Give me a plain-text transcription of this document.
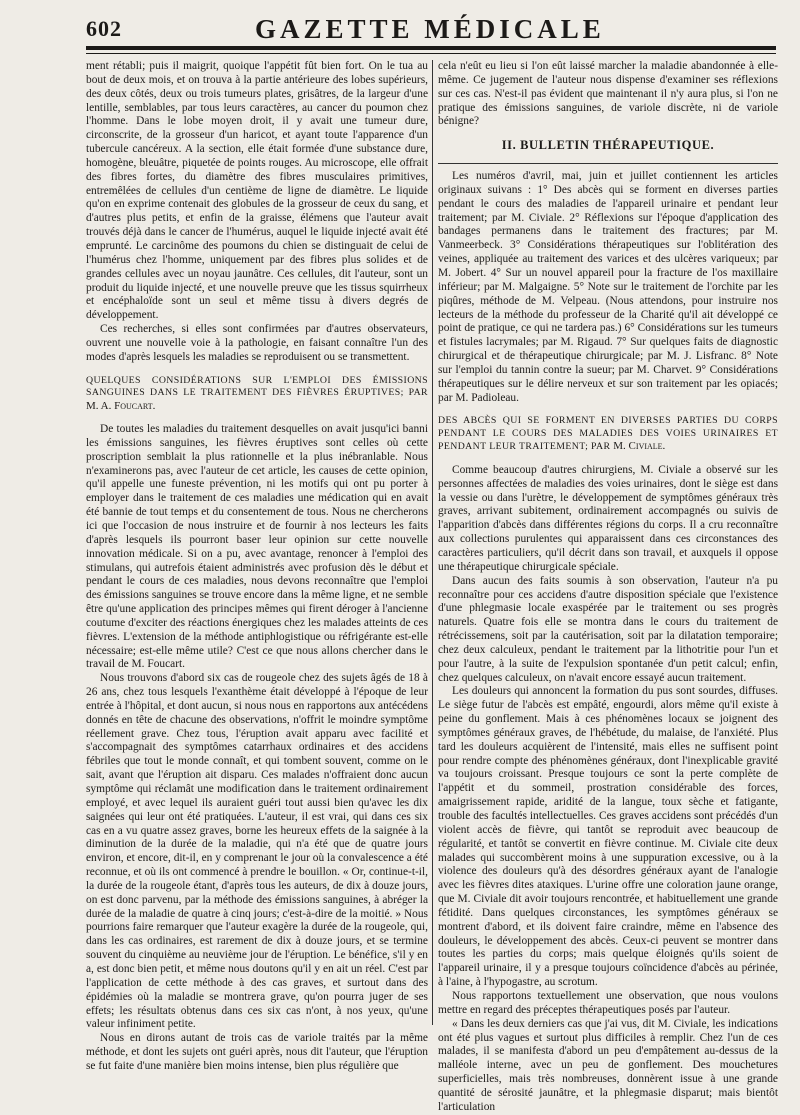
602	GAZETTE MÉDICALE

ment rétabli; puis il maigrit, quoique l'appétit fût bien fort. On le tua au bout de deux mois, et on trouva à la partie antérieure des lobes supérieurs, des deux côtés, deux ou trois tumeurs plates, grisâtres, de la largeur d'une lentille, semblables, par tous leurs caractères, au cancer du poumon chez l'homme. Dans le lobe moyen droit, il y avait une tumeur dure, circonscrite, de la grosseur d'un haricot, et ayant toute l'apparence d'un tubercule cancéreux. A la section, elle était formée d'une substance dure, homogène, bleuâtre, piquetée de points rouges. Au microscope, elle offrait des fibres fortes, du diamètre des fibres musculaires primitives, entremêlées de cellules d'un centième de ligne de diamètre. Le liquide qu'on en exprime contenait des globules de la grosseur de ceux du sang, et d'autres plus petits, et enfin de la graisse, élémens que l'auteur avait trouvés déjà dans le cancer de l'humérus, auquel le liquide injecté avait été emprunté. Le carcinôme des poumons du chien se distinguait de celui de l'humérus chez l'homme, uniquement par des fibres plus solides et de grandes cellules avec un noyau jaunâtre. Ces cellules, dit l'auteur, sont un produit du liquide injecté, et une nouvelle preuve que les tissus squirrheux et encéphaloïde sont un seul et même tissu à divers degrés de développement.

Ces recherches, si elles sont confirmées par d'autres observateurs, ouvrent une nouvelle voie à la pathologie, en faisant connaître l'un des modes d'après lesquels les maladies se reproduisent ou se transmettent.

QUELQUES CONSIDÉRATIONS SUR L'EMPLOI DES ÉMISSIONS SANGUINES DANS LE TRAITEMENT DES FIÈVRES ÉRUPTIVES; PAR M. A. Foucart.

De toutes les maladies du traitement desquelles on avait jusqu'ici banni les émissions sanguines, les fièvres éruptives sont celles où cette proscription semblait la plus rationnelle et la plus inébranlable. Nous n'examinerons pas, avec l'auteur de cet article, les causes de cette opinion, qu'il appelle une funeste prévention, ni les motifs qui ont pu porter à employer dans le traitement de ces maladies une médication qui en avait été bannie de tout temps et du consentement de tous. Nous ne chercherons ici que l'occasion de nous instruire et de fournir à nos lecteurs les faits d'après lesquels ils pourront baser leur opinion sur cette nouvelle innovation médicale. Si on a pu, avec avantage, renoncer à l'emploi des stimulans, qui autrefois étaient administrés avec profusion dès le début et pendant le cours de ces maladies, nous devons reconnaître que l'emploi des émissions sanguines se trouve encore dans la même ligne, et ne semble être qu'une application des principes mêmes qui firent déroger à l'ancienne coutume d'exciter des réactions énergiques chez les malades atteints de ces fièvres. L'extension de la méthode antiphlogistique ou réfrigérante est-elle nécessaire; est-elle même utile? C'est ce que nous allons chercher dans le travail de M. Foucart.

Nous trouvons d'abord six cas de rougeole chez des sujets âgés de 18 à 26 ans, chez tous lesquels l'exanthème était développé à l'époque de leur entrée à l'hôpital, et dont aucun, si nous nous en rapportons aux antécédens donnés en tête de chacune des observations, n'offrit le moindre symptôme réellement grave. Chez tous, l'éruption avait apparu avec facilité et s'accompagnait des symptômes catarrhaux ordinaires et des accidens fébriles que tout le monde connaît, et qui tombent souvent, comme on le sait, avant que l'éruption ait disparu. Ces malades n'offraient donc aucun symptôme qui réclamât une modification dans le traitement ordinairement employé, et avec lequel ils auraient guéri tout aussi bien qu'avec les dix saignées qui leur ont été pratiquées. L'auteur, il est vrai, qui dans ces six cas en a vu quatre assez graves, borne les heureux effets de la saignée à la diminution de la durée de la maladie, qui n'a été que de quatre jours environ, et encore, dit-il, en y comprenant le jour où la convalescence a été reconnue, et où ils ont commencé à prendre le bouillon. « Or, continue-t-il, la durée de la rougeole étant, d'après tous les auteurs, de dix à douze jours, on est donc parvenu, par la méthode des émissions sanguines, à abréger la durée de la maladie de quatre à cinq jours; c'est-à-dire de la moitié. » Nous pourrions faire remarquer que l'auteur exagère la durée de la rougeole, qui, dans les cas ordinaires, est rarement de dix à douze jours, et se termine souvent du cinquième au neuvième jour de l'éruption. Le bénéfice, s'il y en a, est donc bien petit, et même nous doutons qu'il y en ait un réel. C'est par l'application de cette méthode à des cas graves, et surtout dans des épidémies où la maladie se montrera grave, qu'on pourra juger de ses effets; les résultats obtenus dans ces six cas n'ont, à nos yeux, qu'une valeur infiniment petite.

Nous en dirons autant de trois cas de variole traités par la même méthode, et dont les sujets ont guéri après, nous dit l'auteur, que l'éruption se fut faite d'une manière bien moins intense, bien plus régulière que

cela n'eût eu lieu si l'on eût laissé marcher la maladie abandonnée à elle-même. Ce jugement de l'auteur nous dispense d'examiner ses réflexions sur ces cas. N'est-il pas évident que maintenant il n'y aura plus, si l'on ne pratique des émissions sanguines, de variole discrète, ni de variole bénigne?

II. BULLETIN THÉRAPEUTIQUE.

Les numéros d'avril, mai, juin et juillet contiennent les articles originaux suivans : 1° Des abcès qui se forment en diverses parties pendant le cours des maladies de l'appareil urinaire et pendant leur traitement; par M. Civiale. 2° Réflexions sur l'époque d'application des bandages permanens dans le traitement des fractures; par M. Vanmeerbeck. 3° Considérations thérapeutiques sur l'oblitération des veines, appliquée au traitement des varices et des ulcères variqueux; par M. Jobert. 4° Sur un nouvel appareil pour la fracture de l'os maxillaire inférieur; par M. Malgaigne. 5° Note sur le traitement de l'orchite par les piqûres, méthode de M. Velpeau. (Nous attendons, pour instruire nos lecteurs de la méthode du professeur de la Charité qu'il ait développé ce point de pratique, ce qui ne tardera pas.) 6° Considérations sur les tumeurs et fistules lacrymales; par M. Rigaud. 7° Sur quelques faits de diagnostic chirurgical et de thérapeutique chirurgicale; par M. J. Lisfranc. 8° Note sur l'emploi du tannin contre la sueur; par M. Charvet. 9° Considérations thérapeutiques sur le délire nerveux et sur son traitement par les opiacés; par M. Padioleau.

DES ABCÈS QUI SE FORMENT EN DIVERSES PARTIES DU CORPS PENDANT LE COURS DES MALADIES DES VOIES URINAIRES ET PENDANT LEUR TRAITEMENT; PAR M. Civiale.

Comme beaucoup d'autres chirurgiens, M. Civiale a observé sur les personnes affectées de maladies des voies urinaires, dont le siège est dans la vessie ou dans l'urètre, le développement de symptômes généraux très graves, arrivant subitement, ordinairement accompagnés ou suivis de l'apparition d'abcès dans différentes régions du corps. Il a cru reconnaître aux collections purulentes qui apparaissent dans ces circonstances des caractères particuliers, qu'il décrit dans son travail, et auxquels il oppose une thérapeutique chirurgicale spéciale.

Dans aucun des faits soumis à son observation, l'auteur n'a pu reconnaître pour ces accidens d'autre disposition spéciale que l'existence d'une phlegmasie locale exaspérée par le traitement ou ses progrès naturels. Quatre fois elle se montra dans le cours du traitement de rétrécissemens, soit par la cautérisation, soit par la dilatation temporaire; chez deux calculeux, pendant le traitement par la lithotritie pour l'un et pour l'autre, à la suite de l'expulsion spontanée d'un petit calcul; enfin, chez quelques calculeux, on n'avait encore essayé aucun traitement.

Les douleurs qui annoncent la formation du pus sont sourdes, diffuses. Le siège futur de l'abcès est empâté, engourdi, alors même qu'il existe à peine du gonflement. Mais à ces phénomènes locaux se joignent des symptômes généraux graves, de l'hébétude, du malaise, de l'anxiété. Plus tard les douleurs acquièrent de l'intensité, mais elles ne suffisent point pour rendre compte des phénomènes généraux, dont l'inexplicable gravité va toujours croissant. Presque toujours ce sont la perte complète de l'appétit et du sommeil, prostration considérable des forces, amaigrissement rapide, aridité de la langue, toux sèche et fatigante, trouble des facultés intellectuelles. Ces graves accidens sont précédés d'un violent accès de fièvre, qui tantôt se reproduit avec beaucoup de régularité, et tantôt se convertit en fièvre continue. M. Civiale cite deux malades qui succombèrent moins à une suppuration excessive, ou à la violence des douleurs qu'à des désordres généraux ayant de l'analogie avec les fièvres dites ataxiques. L'urine offre une coloration jaune orange, que M. Civiale dit avoir toujours rencontrée, et habituellement une grande fétidité. Dans quelques circonstances, les symptômes généraux se montrent d'abord, et ils doivent faire craindre, même en l'absence des douleurs, le développement des abcès. Ceux-ci peuvent se montrer dans toutes les parties du corps; mais quelque éloignés qu'ils soient de l'appareil urinaire, il y a presque toujours coïncidence d'abcès au périnée, à l'aine, à l'hypogastre, au scrotum.

Nous rapportons textuellement une observation, que nous voulons mettre en regard des préceptes thérapeutiques posés par l'auteur.

« Dans les deux derniers cas que j'ai vus, dit M. Civiale, les indications ont été plus vagues et surtout plus difficiles à remplir. Chez l'un de ces malades, il se manifesta d'abord un peu d'empâtement au-dessus de la malléole interne, avec un peu de gonflement. Des mouchetures superficielles, mais très nombreuses, donnèrent issue à une grande quantité de sérosité jaunâtre, et la phlegmasie disparut; mais bientôt l'articulation
